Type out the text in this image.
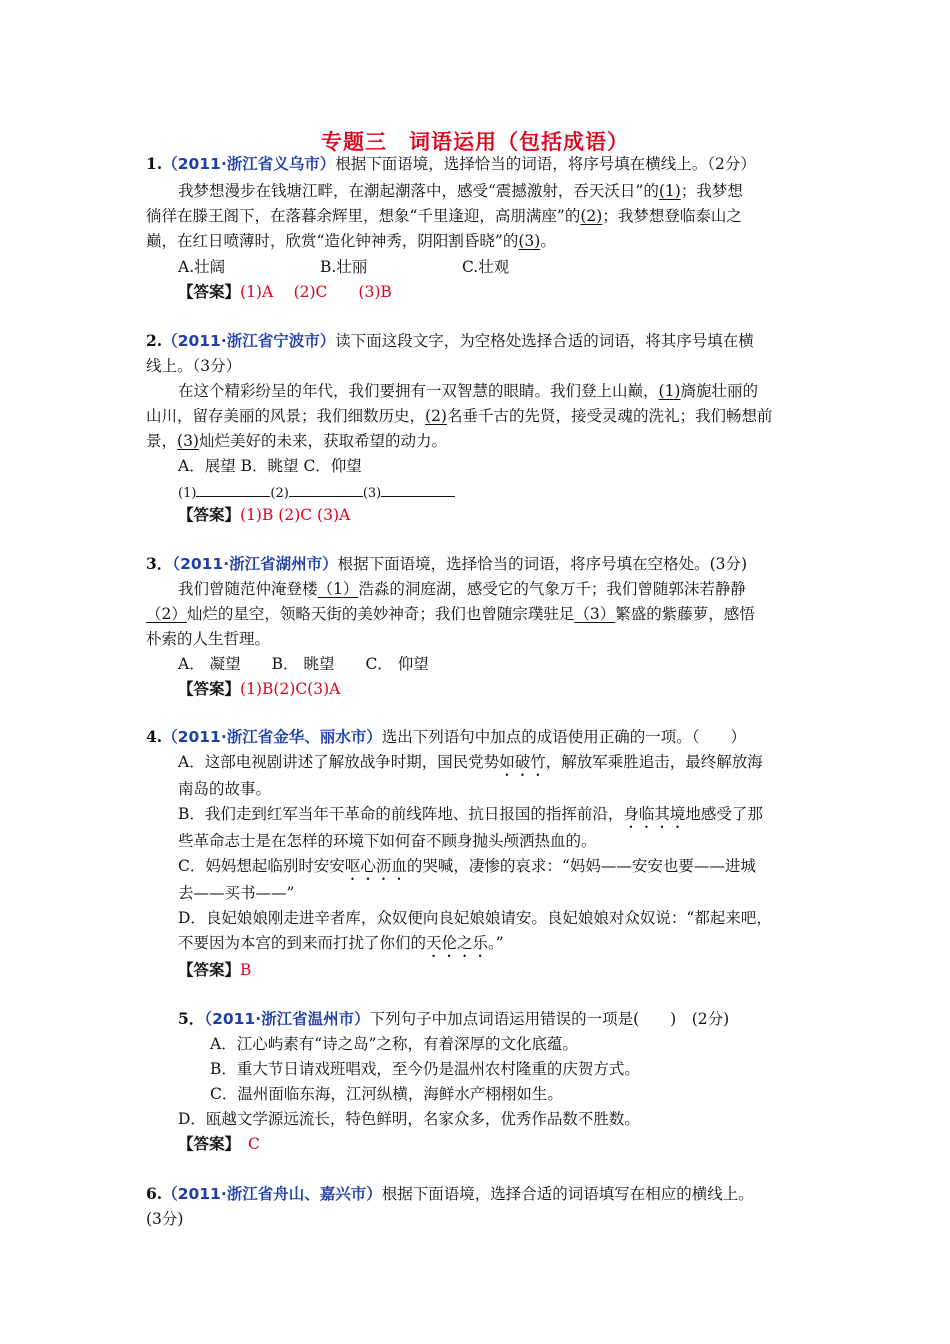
专题三　词语运用（包括成语）
1.（2011·浙江省义乌市）根据下面语境，选择恰当的词语，将序号填在横线上。（2分）
我梦想漫步在钱塘江畔，在潮起潮落中，感受“震撼激射，吞天沃日”的(1)；我梦想
徜徉在滕王阁下，在落暮余辉里，想象“千里逢迎，高朋满座”的(2)；我梦想登临泰山之
巅，在红日喷薄时，欣赏“造化钟神秀，阴阳割昏晓”的(3)。
A.壮阔	B.壮丽	C.壮观
【答案】(1)A　 (2)C　　(3)B
2.（2011·浙江省宁波市）读下面这段文字，为空格处选择合适的词语，将其序号填在横
线上。（3分）
在这个精彩纷呈的年代，我们要拥有一双智慧的眼睛。我们登上山巅，(1)旖旎壮丽的
山川，留存美丽的风景；我们细数历史，(2)名垂千古的先贤，接受灵魂的洗礼；我们畅想前
景，(3)灿烂美好的未来，获取希望的动力。
A．展望 B．眺望 C．仰望
(1)	(2)	(3)
【答案】(1)B (2)C (3)A
3．（2011·浙江省湖州市）根据下面语境，选择恰当的词语，将序号填在空格处。(3分)
我们曾随范仲淹登楼（1）浩淼的洞庭湖，感受它的气象万千；我们曾随郭沫若静静
（2）灿烂的星空，领略天街的美妙神奇；我们也曾随宗璞驻足（3）繁盛的紫藤萝，感悟
朴索的人生哲理。
A． 凝望　　B． 眺望　　C． 仰望
【答案】(1)B(2)C(3)A
4.（2011·浙江省金华、丽水市）选出下列语句中加点的成语使用正确的一项。（　　）
A．这部电视剧讲述了解放战争时期，国民党势如破竹，解放军乘胜追击，最终解放海
南岛的故事。
B．我们走到红军当年干革命的前线阵地、抗日报国的指挥前沿，身临其境地感受了那
些革命志士是在怎样的环境下如何奋不顾身抛头颅洒热血的。
C．妈妈想起临别时安安呕心沥血的哭喊，凄惨的哀求：“妈妈——安安也要——进城
去——买书——”
D．良妃娘娘刚走进辛者库，众奴便向良妃娘娘请安。良妃娘娘对众奴说：“都起来吧，
不要因为本宫的到来而打扰了你们的天伦之乐。”
【答案】B
5．（2011·浙江省温州市）下列句子中加点词语运用错误的一项是(　　)　(2分)
A．江心屿素有“诗之岛”之称，有着深厚的文化底蕴。
B．重大节日请戏班唱戏，至今仍是温州农村隆重的庆贺方式。
C．温州面临东海，江河纵横，海鲜水产栩栩如生。
D．瓯越文学源远流长，特色鲜明，名家众多，优秀作品数不胜数。
【答案】 C
6.（2011·浙江省舟山、嘉兴市）根据下面语境，选择合适的词语填写在相应的横线上。
(3分)
